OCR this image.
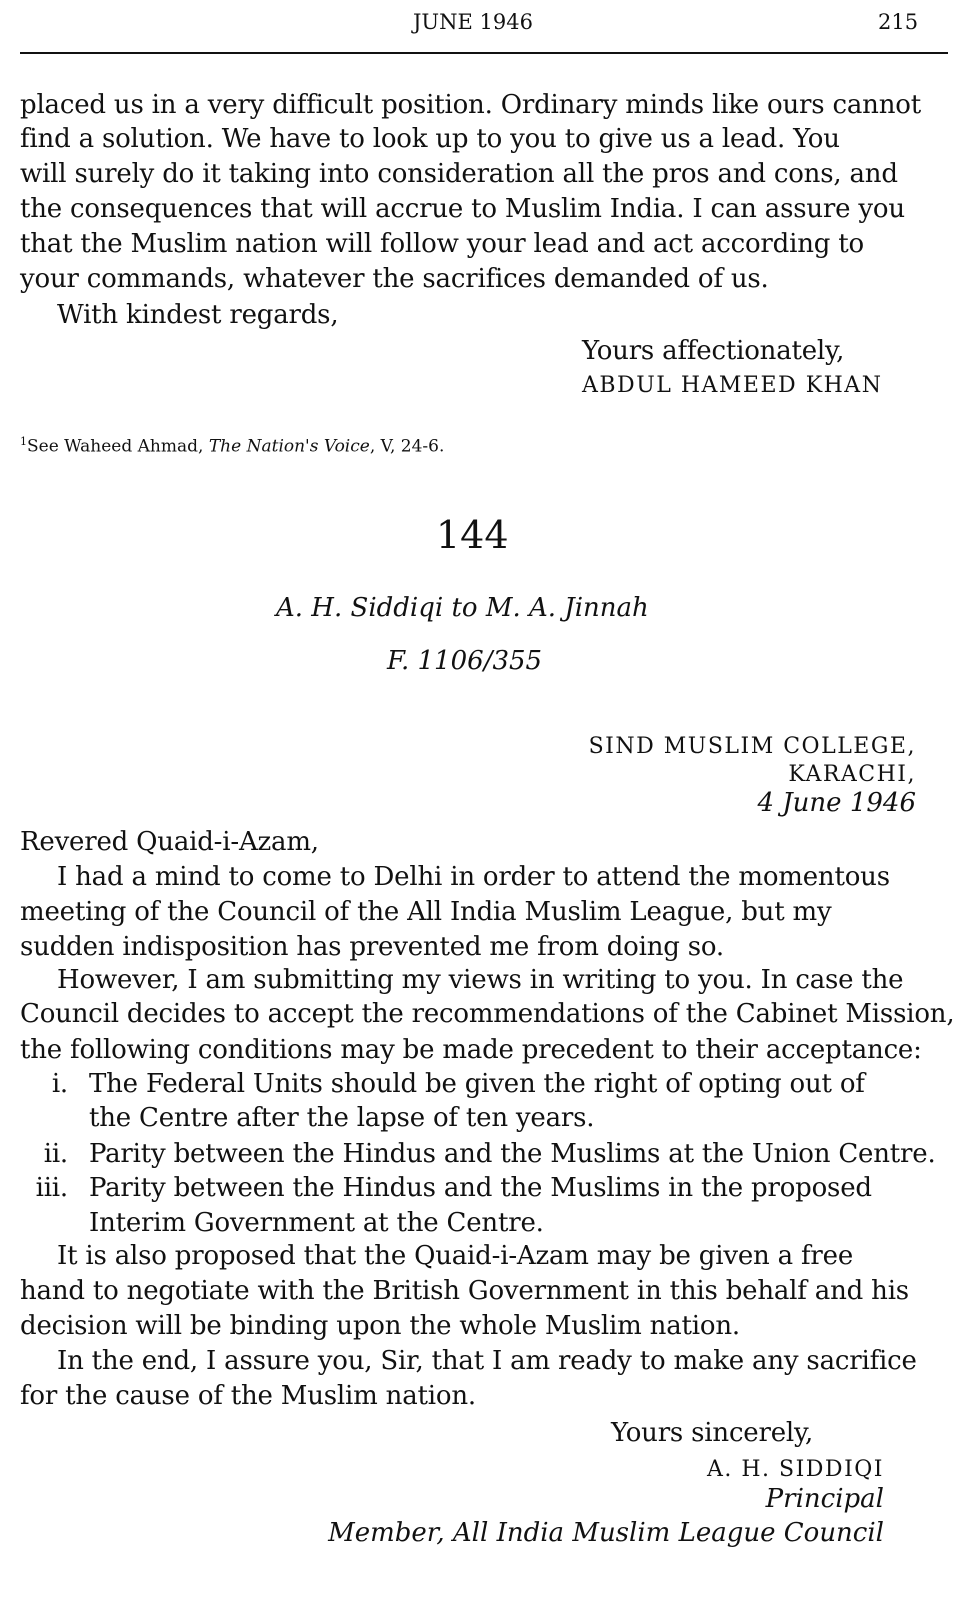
JUNE 1946	215
placed us in a very difficult position. Ordinary minds like ours cannot
find a solution. We have to look up to you to give us a lead. You
will surely do it taking into consideration all the pros and cons, and
the consequences that will accrue to Muslim India. I can assure you
that the Muslim nation will follow your lead and act according to
your commands, whatever the sacrifices demanded of us.
With kindest regards,
Yours affectionately,
ABDUL HAMEED KHAN
$^1$See Waheed Ahmad, The Nation's Voice, V, 24-6.
144
A. H. Siddiqi to M. A. Jinnah
F. 1106/355
SIND MUSLIM COLLEGE,
KARACHI,
4 June 1946
Revered Quaid-i-Azam,
I had a mind to come to Delhi in order to attend the momentous
meeting of the Council of the All India Muslim League, but my
sudden indisposition has prevented me from doing so.
However, I am submitting my views in writing to you. In case the
Council decides to accept the recommendations of the Cabinet Mission,
the following conditions may be made precedent to their acceptance:
i. The Federal Units should be given the right of opting out of
the Centre after the lapse of ten years.
ii. Parity between the Hindus and the Muslims at the Union Centre.
iii. Parity between the Hindus and the Muslims in the proposed
Interim Government at the Centre.
It is also proposed that the Quaid-i-Azam may be given a free
hand to negotiate with the British Government in this behalf and his
decision will be binding upon the whole Muslim nation.
In the end, I assure you, Sir, that I am ready to make any sacrifice
for the cause of the Muslim nation.
Yours sincerely,
A. H. SIDDIQI
Principal
Member, All India Muslim League Council
